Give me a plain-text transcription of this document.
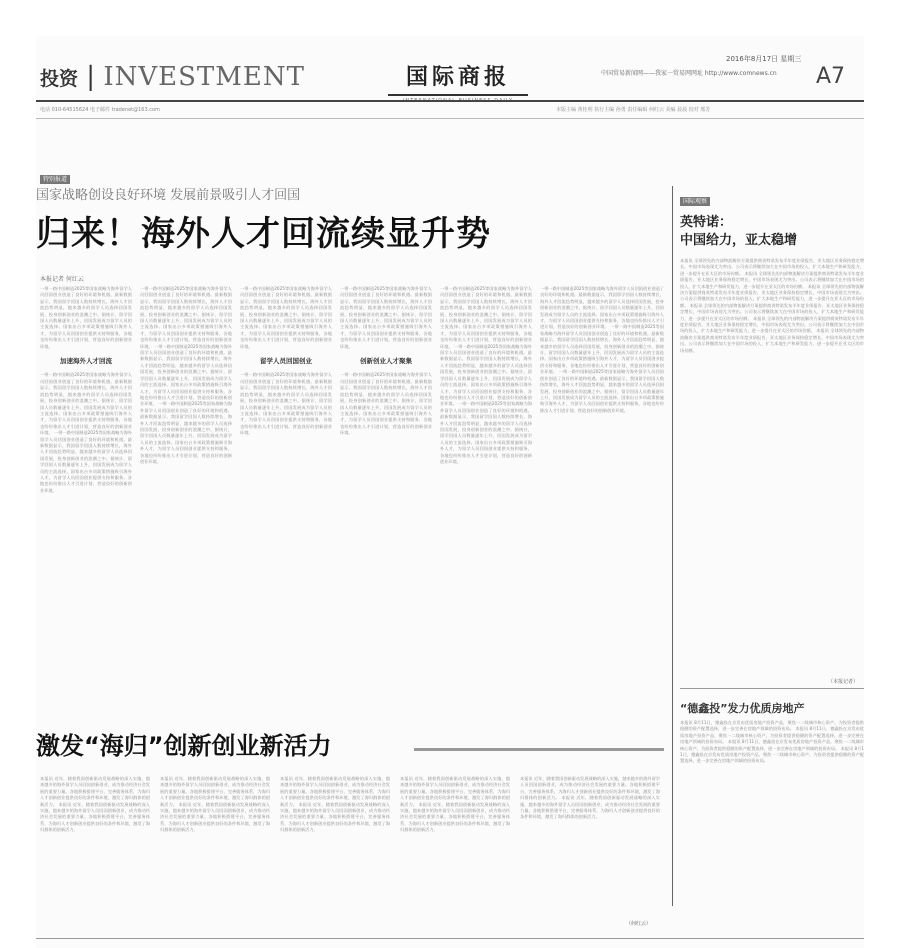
投资 | INVESTMENT	国际商报
INTERNATIONAL BUSINESS DAILY
2016年8月17日 星期三
中国贸易新闻网——我家一贸易网网址 http://www.comnews.cn A7
电话 010-64515624 电子邮件 tradenet@163.com	本版主编 黄桂明 执行主编 孙勇 责任编辑 何红云 美编 晨晨 校对 邢芳
特别报道
国家战略创设良好环境 发展前景吸引人才回国
归来！海外人才回流续显升势
本报记者 何红云
一带一路中国制造2025等国家战略为海外留学人员回国创业创造了良好的环境和机遇。最新数据显示，我国留学回国人数持续增长，海外人才回流趋势明显，越来越多的留学人员选择回国发展，投身创新创业的浪潮之中。据统计，留学回国人员数量逐年上升，回国发展成为留学人员的主流选择。国家出台多项政策措施吸引海外人才，为留学人员回国创业提供支持和服务，各地也纷纷推出人才引进计划，营造良好的创新创业环境。
加速海外人才回流
一带一路中国制造2025等国家战略为海外留学人员回国创业创造了良好的环境和机遇。最新数据显示，我国留学回国人数持续增长，海外人才回流趋势明显，越来越多的留学人员选择回国发展，投身创新创业的浪潮之中。据统计，留学回国人员数量逐年上升，回国发展成为留学人员的主流选择。国家出台多项政策措施吸引海外人才，为留学人员回国创业提供支持和服务，各地也纷纷推出人才引进计划，营造良好的创新创业环境。 一带一路中国制造2025等国家战略为海外留学人员回国创业创造了良好的环境和机遇。最新数据显示，我国留学回国人数持续增长，海外人才回流趋势明显，越来越多的留学人员选择回国发展，投身创新创业的浪潮之中。据统计，留学回国人员数量逐年上升，回国发展成为留学人员的主流选择。国家出台多项政策措施吸引海外人才，为留学人员回国创业提供支持和服务，各地也纷纷推出人才引进计划，营造良好的创新创业环境。
一带一路中国制造2025等国家战略为海外留学人员回国创业创造了良好的环境和机遇。最新数据显示，我国留学回国人数持续增长，海外人才回流趋势明显，越来越多的留学人员选择回国发展，投身创新创业的浪潮之中。据统计，留学回国人员数量逐年上升，回国发展成为留学人员的主流选择。国家出台多项政策措施吸引海外人才，为留学人员回国创业提供支持和服务，各地也纷纷推出人才引进计划，营造良好的创新创业环境。 一带一路中国制造2025等国家战略为海外留学人员回国创业创造了良好的环境和机遇。最新数据显示，我国留学回国人数持续增长，海外人才回流趋势明显，越来越多的留学人员选择回国发展，投身创新创业的浪潮之中。据统计，留学回国人员数量逐年上升，回国发展成为留学人员的主流选择。国家出台多项政策措施吸引海外人才，为留学人员回国创业提供支持和服务，各地也纷纷推出人才引进计划，营造良好的创新创业环境。 一带一路中国制造2025等国家战略为海外留学人员回国创业创造了良好的环境和机遇。最新数据显示，我国留学回国人数持续增长，海外人才回流趋势明显，越来越多的留学人员选择回国发展，投身创新创业的浪潮之中。据统计，留学回国人员数量逐年上升，回国发展成为留学人员的主流选择。国家出台多项政策措施吸引海外人才，为留学人员回国创业提供支持和服务，各地也纷纷推出人才引进计划，营造良好的创新创业环境。
一带一路中国制造2025等国家战略为海外留学人员回国创业创造了良好的环境和机遇。最新数据显示，我国留学回国人数持续增长，海外人才回流趋势明显，越来越多的留学人员选择回国发展，投身创新创业的浪潮之中。据统计，留学回国人员数量逐年上升，回国发展成为留学人员的主流选择。国家出台多项政策措施吸引海外人才，为留学人员回国创业提供支持和服务，各地也纷纷推出人才引进计划，营造良好的创新创业环境。
留学人员回国创业
一带一路中国制造2025等国家战略为海外留学人员回国创业创造了良好的环境和机遇。最新数据显示，我国留学回国人数持续增长，海外人才回流趋势明显，越来越多的留学人员选择回国发展，投身创新创业的浪潮之中。据统计，留学回国人员数量逐年上升，回国发展成为留学人员的主流选择。国家出台多项政策措施吸引海外人才，为留学人员回国创业提供支持和服务，各地也纷纷推出人才引进计划，营造良好的创新创业环境。
一带一路中国制造2025等国家战略为海外留学人员回国创业创造了良好的环境和机遇。最新数据显示，我国留学回国人数持续增长，海外人才回流趋势明显，越来越多的留学人员选择回国发展，投身创新创业的浪潮之中。据统计，留学回国人员数量逐年上升，回国发展成为留学人员的主流选择。国家出台多项政策措施吸引海外人才，为留学人员回国创业提供支持和服务，各地也纷纷推出人才引进计划，营造良好的创新创业环境。
创新创业人才聚集
一带一路中国制造2025等国家战略为海外留学人员回国创业创造了良好的环境和机遇。最新数据显示，我国留学回国人数持续增长，海外人才回流趋势明显，越来越多的留学人员选择回国发展，投身创新创业的浪潮之中。据统计，留学回国人员数量逐年上升，回国发展成为留学人员的主流选择。国家出台多项政策措施吸引海外人才，为留学人员回国创业提供支持和服务，各地也纷纷推出人才引进计划，营造良好的创新创业环境。
一带一路中国制造2025等国家战略为海外留学人员回国创业创造了良好的环境和机遇。最新数据显示，我国留学回国人数持续增长，海外人才回流趋势明显，越来越多的留学人员选择回国发展，投身创新创业的浪潮之中。据统计，留学回国人员数量逐年上升，回国发展成为留学人员的主流选择。国家出台多项政策措施吸引海外人才，为留学人员回国创业提供支持和服务，各地也纷纷推出人才引进计划，营造良好的创新创业环境。 一带一路中国制造2025等国家战略为海外留学人员回国创业创造了良好的环境和机遇。最新数据显示，我国留学回国人数持续增长，海外人才回流趋势明显，越来越多的留学人员选择回国发展，投身创新创业的浪潮之中。据统计，留学回国人员数量逐年上升，回国发展成为留学人员的主流选择。国家出台多项政策措施吸引海外人才，为留学人员回国创业提供支持和服务，各地也纷纷推出人才引进计划，营造良好的创新创业环境。 一带一路中国制造2025等国家战略为海外留学人员回国创业创造了良好的环境和机遇。最新数据显示，我国留学回国人数持续增长，海外人才回流趋势明显，越来越多的留学人员选择回国发展，投身创新创业的浪潮之中。据统计，留学回国人员数量逐年上升，回国发展成为留学人员的主流选择。国家出台多项政策措施吸引海外人才，为留学人员回国创业提供支持和服务，各地也纷纷推出人才引进计划，营造良好的创新创业环境。
一带一路中国制造2025等国家战略为海外留学人员回国创业创造了良好的环境和机遇。最新数据显示，我国留学回国人数持续增长，海外人才回流趋势明显，越来越多的留学人员选择回国发展，投身创新创业的浪潮之中。据统计，留学回国人员数量逐年上升，回国发展成为留学人员的主流选择。国家出台多项政策措施吸引海外人才，为留学人员回国创业提供支持和服务，各地也纷纷推出人才引进计划，营造良好的创新创业环境。 一带一路中国制造2025等国家战略为海外留学人员回国创业创造了良好的环境和机遇。最新数据显示，我国留学回国人数持续增长，海外人才回流趋势明显，越来越多的留学人员选择回国发展，投身创新创业的浪潮之中。据统计，留学回国人员数量逐年上升，回国发展成为留学人员的主流选择。国家出台多项政策措施吸引海外人才，为留学人员回国创业提供支持和服务，各地也纷纷推出人才引进计划，营造良好的创新创业环境。 一带一路中国制造2025等国家战略为海外留学人员回国创业创造了良好的环境和机遇。最新数据显示，我国留学回国人数持续增长，海外人才回流趋势明显，越来越多的留学人员选择回国发展，投身创新创业的浪潮之中。据统计，留学回国人员数量逐年上升，回国发展成为留学人员的主流选择。国家出台多项政策措施吸引海外人才，为留学人员回国创业提供支持和服务，各地也纷纷推出人才引进计划，营造良好的创新创业环境。
激发“海归”创新创业新活力
本报讯 近年，随着我国创新驱动发展战略的深入实施，越来越多的海外留学人员回国创新创业，成为推动经济社会发展的重要力量。各地积极搭建平台，完善服务体系，为海归人才创新创业提供良好的条件和环境，激发了海归群体的创新活力。 本报讯 近年，随着我国创新驱动发展战略的深入实施，越来越多的海外留学人员回国创新创业，成为推动经济社会发展的重要力量。各地积极搭建平台，完善服务体系，为海归人才创新创业提供良好的条件和环境，激发了海归群体的创新活力。
本报讯 近年，随着我国创新驱动发展战略的深入实施，越来越多的海外留学人员回国创新创业，成为推动经济社会发展的重要力量。各地积极搭建平台，完善服务体系，为海归人才创新创业提供良好的条件和环境，激发了海归群体的创新活力。 本报讯 近年，随着我国创新驱动发展战略的深入实施，越来越多的海外留学人员回国创新创业，成为推动经济社会发展的重要力量。各地积极搭建平台，完善服务体系，为海归人才创新创业提供良好的条件和环境，激发了海归群体的创新活力。
本报讯 近年，随着我国创新驱动发展战略的深入实施，越来越多的海外留学人员回国创新创业，成为推动经济社会发展的重要力量。各地积极搭建平台，完善服务体系，为海归人才创新创业提供良好的条件和环境，激发了海归群体的创新活力。 本报讯 近年，随着我国创新驱动发展战略的深入实施，越来越多的海外留学人员回国创新创业，成为推动经济社会发展的重要力量。各地积极搭建平台，完善服务体系，为海归人才创新创业提供良好的条件和环境，激发了海归群体的创新活力。
本报讯 近年，随着我国创新驱动发展战略的深入实施，越来越多的海外留学人员回国创新创业，成为推动经济社会发展的重要力量。各地积极搭建平台，完善服务体系，为海归人才创新创业提供良好的条件和环境，激发了海归群体的创新活力。 本报讯 近年，随着我国创新驱动发展战略的深入实施，越来越多的海外留学人员回国创新创业，成为推动经济社会发展的重要力量。各地积极搭建平台，完善服务体系，为海归人才创新创业提供良好的条件和环境，激发了海归群体的创新活力。
本报讯 近年，随着我国创新驱动发展战略的深入实施，越来越多的海外留学人员回国创新创业，成为推动经济社会发展的重要力量。各地积极搭建平台，完善服务体系，为海归人才创新创业提供良好的条件和环境，激发了海归群体的创新活力。 本报讯 近年，随着我国创新驱动发展战略的深入实施，越来越多的海外留学人员回国创新创业，成为推动经济社会发展的重要力量。各地积极搭建平台，完善服务体系，为海归人才创新创业提供良好的条件和环境，激发了海归群体的创新活力。
（何红云）
国际观察
英特诺：
中国给力，亚太稳增
本报讯 全球领先的内部物流解决方案提供商英特诺发布半年度业绩报告，亚太地区业务保持稳定增长，中国市场表现尤为突出。公司表示将继续加大在中国市场的投入，扩大本地生产和研发能力，进一步提升在亚太区的市场份额。 本报讯 全球领先的内部物流解决方案提供商英特诺发布半年度业绩报告，亚太地区业务保持稳定增长，中国市场表现尤为突出。公司表示将继续加大在中国市场的投入，扩大本地生产和研发能力，进一步提升在亚太区的市场份额。 本报讯 全球领先的内部物流解决方案提供商英特诺发布半年度业绩报告，亚太地区业务保持稳定增长，中国市场表现尤为突出。公司表示将继续加大在中国市场的投入，扩大本地生产和研发能力，进一步提升在亚太区的市场份额。 本报讯 全球领先的内部物流解决方案提供商英特诺发布半年度业绩报告，亚太地区业务保持稳定增长，中国市场表现尤为突出。公司表示将继续加大在中国市场的投入，扩大本地生产和研发能力，进一步提升在亚太区的市场份额。 本报讯 全球领先的内部物流解决方案提供商英特诺发布半年度业绩报告，亚太地区业务保持稳定增长，中国市场表现尤为突出。公司表示将继续加大在中国市场的投入，扩大本地生产和研发能力，进一步提升在亚太区的市场份额。 本报讯 全球领先的内部物流解决方案提供商英特诺发布半年度业绩报告，亚太地区业务保持稳定增长，中国市场表现尤为突出。公司表示将继续加大在中国市场的投入，扩大本地生产和研发能力，进一步提升在亚太区的市场份额。
（本报记者）
“德鑫投”发力优质房地产
本报讯 8月11日，德鑫投在京发布优质房地产投资产品，聚焦一二线城市核心资产，为投资者提供稳健的资产配置选择，进一步完善在房地产领域的投资布局。 本报讯 8月11日，德鑫投在京发布优质房地产投资产品，聚焦一二线城市核心资产，为投资者提供稳健的资产配置选择，进一步完善在房地产领域的投资布局。 本报讯 8月11日，德鑫投在京发布优质房地产投资产品，聚焦一二线城市核心资产，为投资者提供稳健的资产配置选择，进一步完善在房地产领域的投资布局。 本报讯 8月11日，德鑫投在京发布优质房地产投资产品，聚焦一二线城市核心资产，为投资者提供稳健的资产配置选择，进一步完善在房地产领域的投资布局。
